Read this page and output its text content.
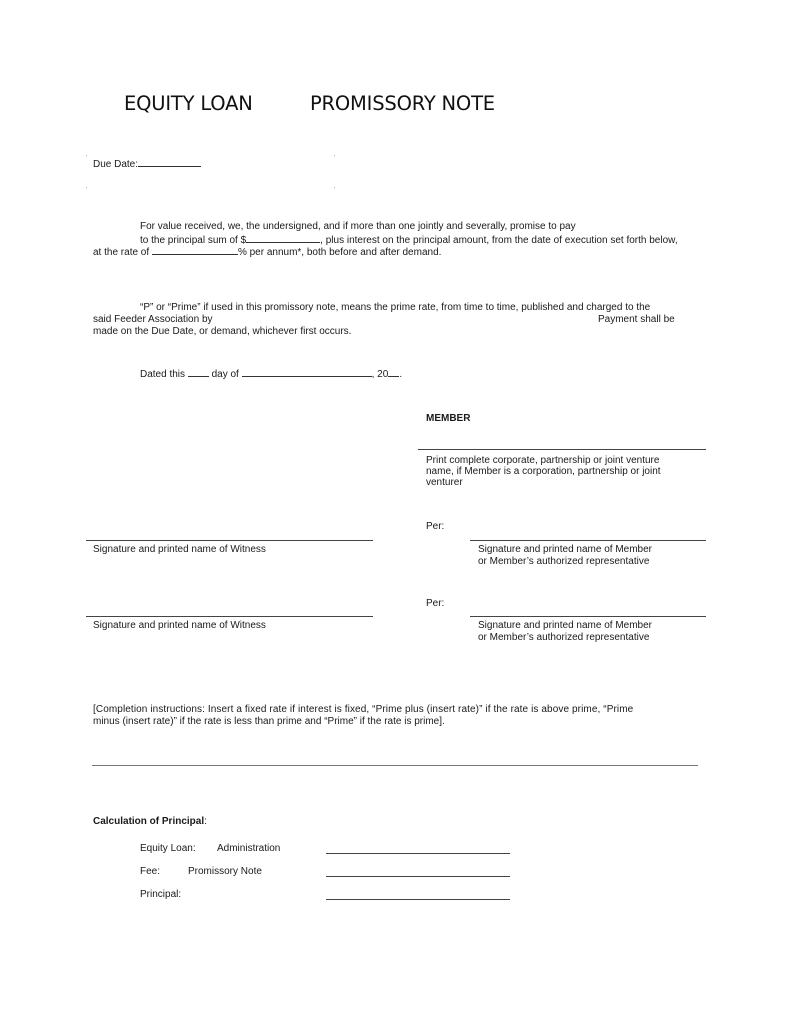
EQUITY LOAN	PROMISSORY NOTE
Due Date:
For value received, we, the undersigned, and if more than one jointly and severally, promise to pay
to the principal sum of $	, plus interest on the principal amount, from the date of execution set forth below,
at the rate of	% per annum*, both before and after demand.
“P” or “Prime” if used in this promissory note, means the prime rate, from time to time, published and charged to the
said Feeder Association by	Payment shall be
made on the Due Date, or demand, whichever first occurs.
Dated this  day of	, 20 .
MEMBER
Print complete corporate, partnership or joint venture
name, if Member is a corporation, partnership or joint
venturer
Per:
Signature and printed name of Witness	Signature and printed name of Member
or Member’s authorized representative
Per:
Signature and printed name of Witness	Signature and printed name of Member
or Member’s authorized representative
[Completion instructions: Insert a fixed rate if interest is fixed, “Prime plus (insert rate)” if the rate is above prime, “Prime
minus (insert rate)” if the rate is less than prime and “Prime” if the rate is prime].
Calculation of Principal:
Equity Loan: Administration
Fee:	Promissory Note
Principal:
